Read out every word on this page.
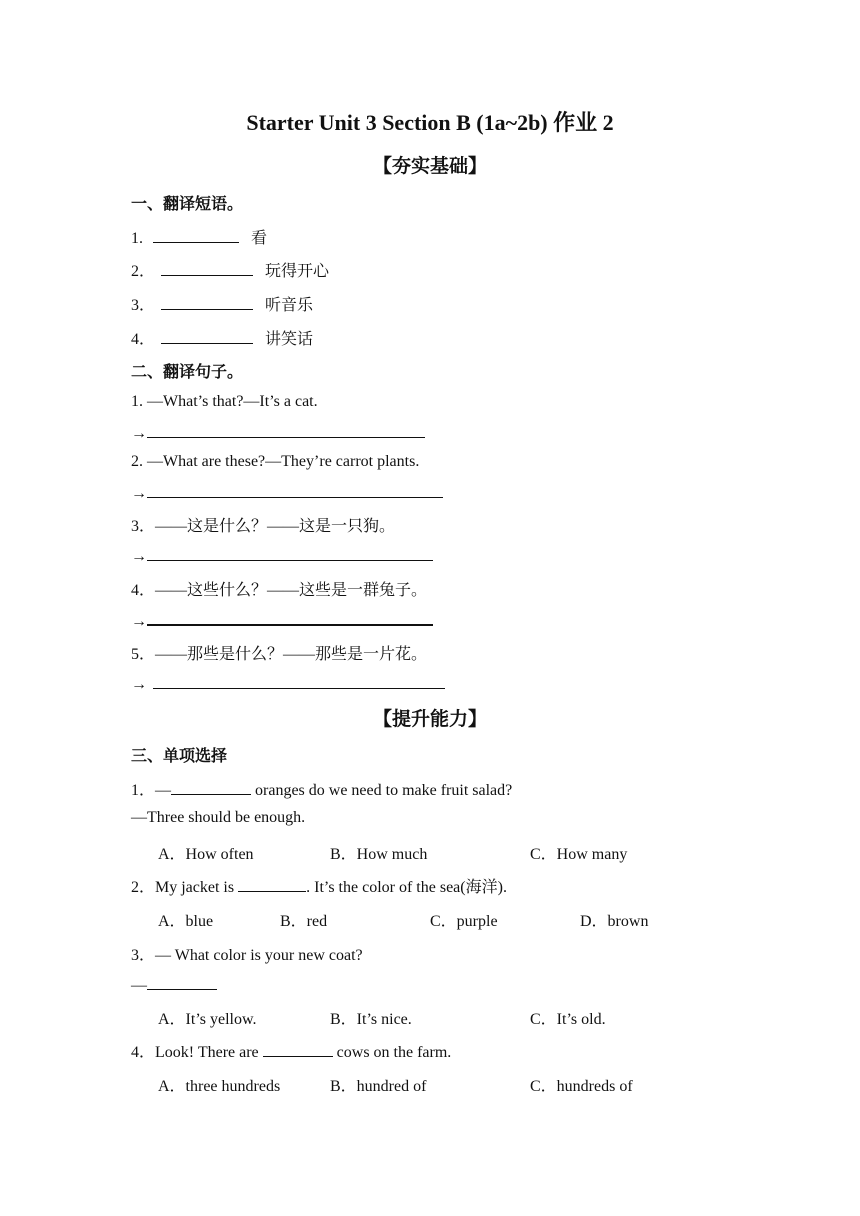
Starter Unit 3 Section B (1a~2b) 作业 2
【夯实基础】
一、翻译短语。
1.	看
2．	玩得开心
3．	听音乐
4．	讲笑话
二、翻译句子。
1. —What’s that?—It’s a cat.
→
2. —What are these?—They’re carrot plants.
→
3．——这是什么？——这是一只狗。
→
4．——这些什么？——这些是一群兔子。
→
5．——那些是什么？——那些是一片花。
→
【提升能力】
三、单项选择
1．—	oranges do we need to make fruit salad?
—Three should be enough.
A．How often	B．How much	C．How many
2．My jacket is	. It’s the color of the sea(海洋).
A．blue	B．red	C．purple	D．brown
3．— What color is your new coat?
—
A．It’s yellow.	B．It’s nice.	C．It’s old.
4．Look! There are	cows on the farm.
A．three hundreds	B．hundred of	C．hundreds of
